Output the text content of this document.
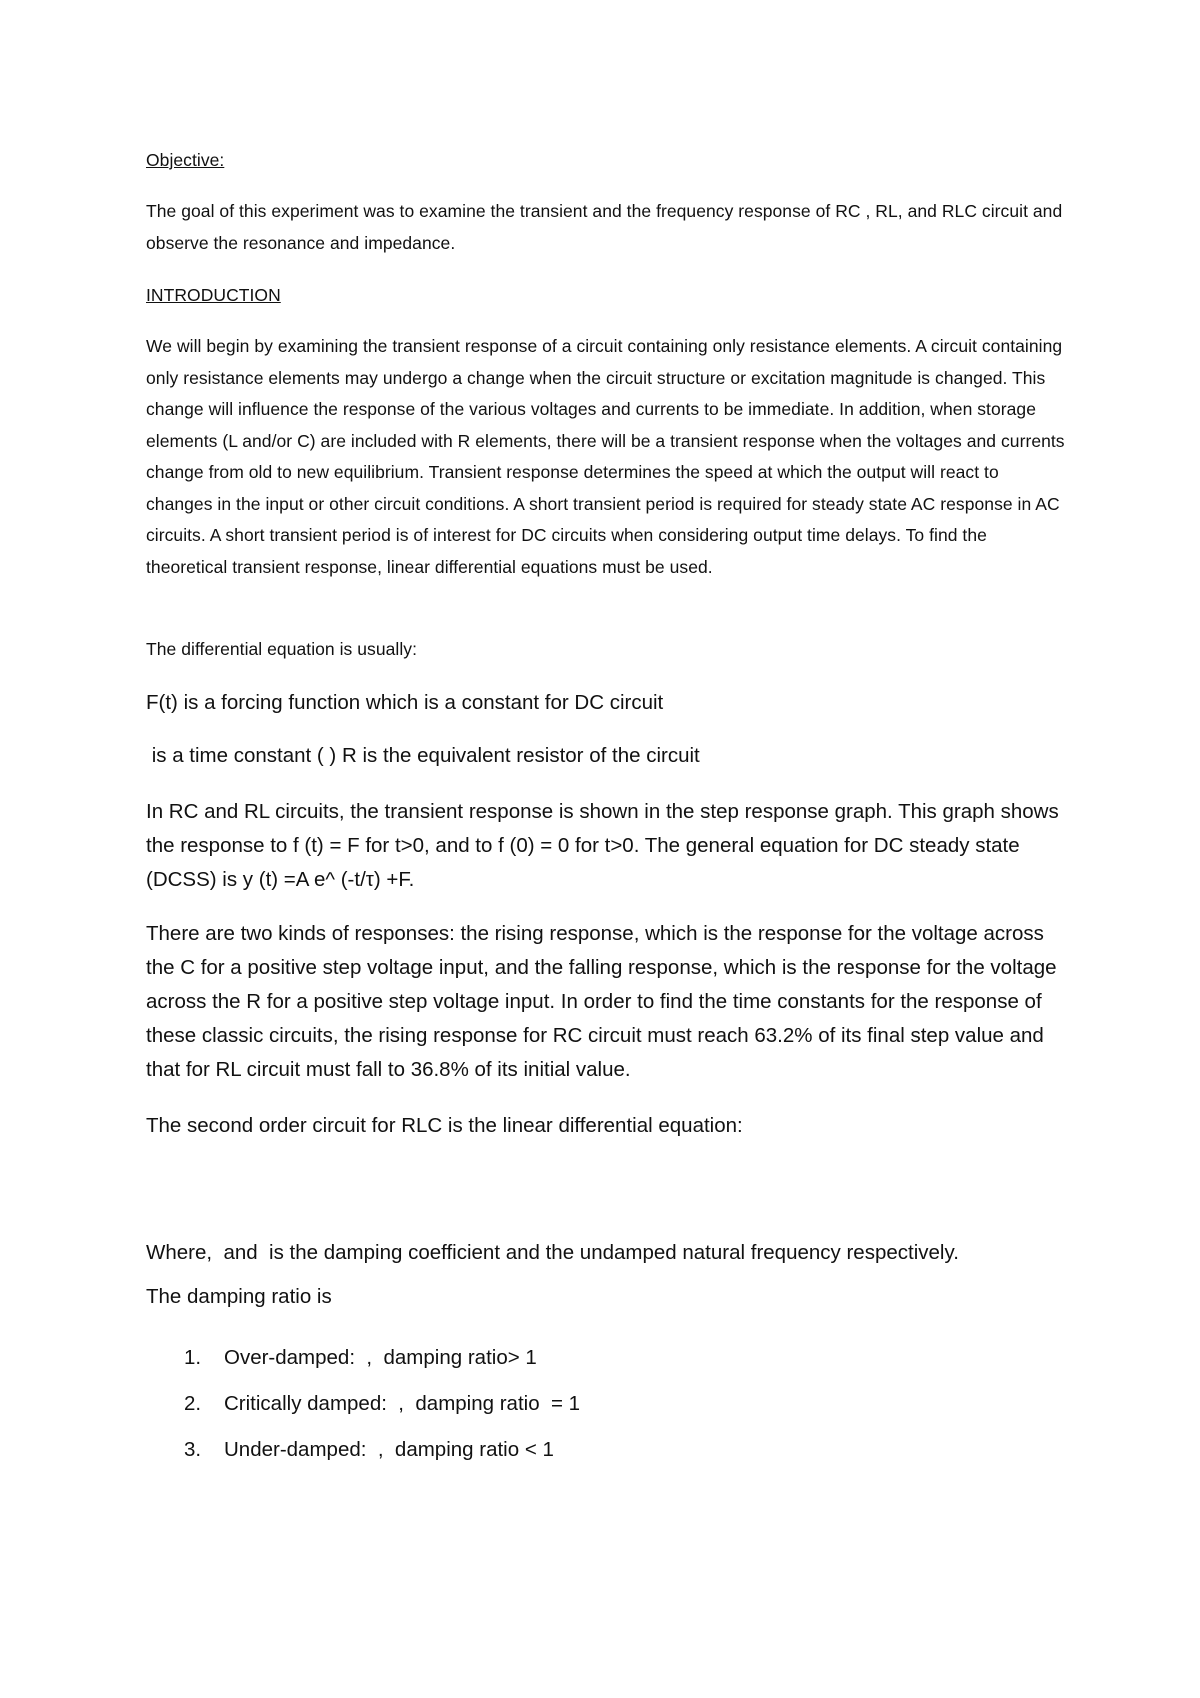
Objective:

The goal of this experiment was to examine the transient and the frequency response of RC , RL, and RLC circuit and observe the resonance and impedance.

INTRODUCTION

We will begin by examining the transient response of a circuit containing only resistance elements. A circuit containing only resistance elements may undergo a change when the circuit structure or excitation magnitude is changed. This change will influence the response of the various voltages and currents to be immediate. In addition, when storage elements (L and/or C) are included with R elements, there will be a transient response when the voltages and currents change from old to new equilibrium. Transient response determines the speed at which the output will react to changes in the input or other circuit conditions. A short transient period is required for steady state AC response in AC circuits. A short transient period is of interest for DC circuits when considering output time delays. To find the theoretical transient response, linear differential equations must be used.

The differential equation is usually:

F(t) is a forcing function which is a constant for DC circuit

is a time constant ( ) R is the equivalent resistor of the circuit

In RC and RL circuits, the transient response is shown in the step response graph. This graph shows the response to f (t) = F for t>0, and to f (0) = 0 for t>0. The general equation for DC steady state (DCSS) is y (t) =A e^ (-t/τ) +F.

There are two kinds of responses: the rising response, which is the response for the voltage across the C for a positive step voltage input, and the falling response, which is the response for the voltage across the R for a positive step voltage input. In order to find the time constants for the response of these classic circuits, the rising response for RC circuit must reach 63.2% of its final step value and that for RL circuit must fall to 36.8% of its initial value.

The second order circuit for RLC is the linear differential equation:

Where,  and  is the damping coefficient and the undamped natural frequency respectively.

The damping ratio is

1. Over-damped:  ,  damping ratio> 1
2. Critically damped:  ,  damping ratio  = 1
3. Under-damped:  ,  damping ratio < 1
